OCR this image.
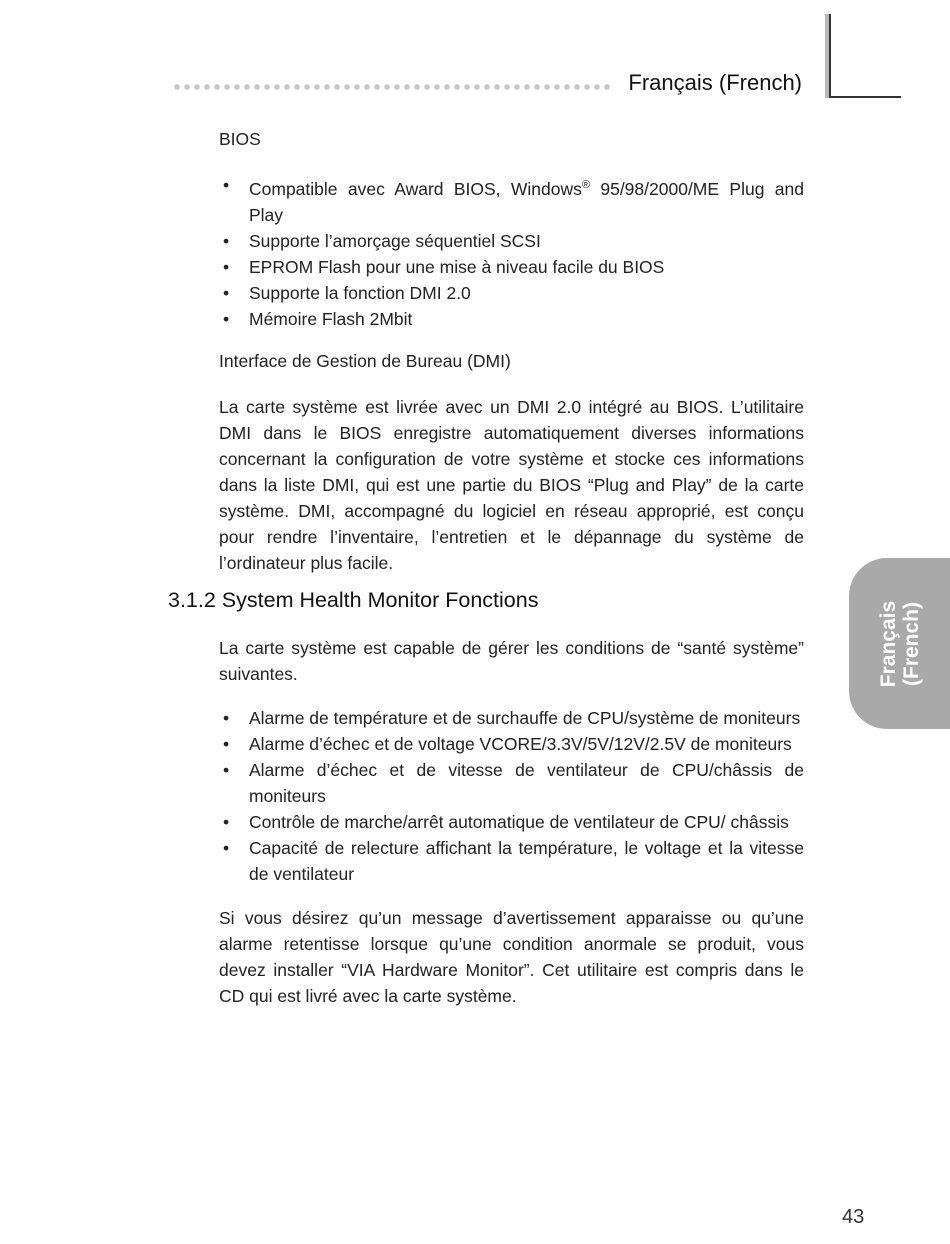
Français (French)
Français (French)
BIOS
• Compatible avec Award BIOS, Windows® 95/98/2000/ME Plug and Play
• Supporte l’amorçage séquentiel SCSI
• EPROM Flash pour une mise à niveau facile du BIOS
• Supporte la fonction DMI 2.0
• Mémoire Flash 2Mbit
Interface de Gestion de Bureau (DMI)

La carte système est livrée avec un DMI 2.0 intégré au BIOS. L’utilitaire DMI dans le BIOS enregistre automatiquement diverses informations concernant la configuration de votre système et stocke ces informations dans la liste DMI, qui est une partie du BIOS “Plug and Play” de la carte système. DMI, accompagné du logiciel en réseau approprié, est conçu pour rendre l’inventaire, l’entretien et le dépannage du système de l’ordinateur plus facile.

3.1.2 System Health Monitor Fonctions

La carte système est capable de gérer les conditions de “santé système” suivantes.

• Alarme de température et de surchauffe de CPU/système de moniteurs
• Alarme d’échec et de voltage VCORE/3.3V/5V/12V/2.5V de moniteurs
• Alarme d’échec et de vitesse de ventilateur de CPU/châssis de moniteurs
• Contrôle de marche/arrêt automatique de ventilateur de CPU/ châssis
• Capacité de relecture affichant la température, le voltage et la vitesse de ventilateur

Si vous désirez qu’un message d’avertissement apparaisse ou qu’une alarme retentisse lorsque qu’une condition anormale se produit, vous devez installer “VIA Hardware Monitor”. Cet utilitaire est compris dans le CD qui est livré avec la carte système.

43
